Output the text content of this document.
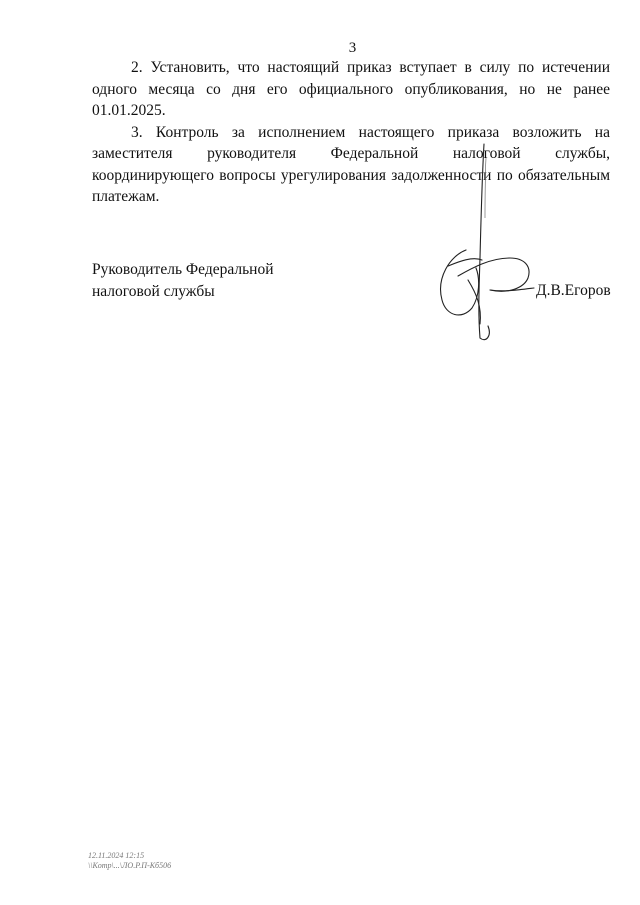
3

2. Установить, что настоящий приказ вступает в силу по истечении одного месяца со дня его официального опубликования, но не ранее 01.01.2025.

3. Контроль за исполнением настоящего приказа возложить на заместителя руководителя Федеральной налоговой службы, координирующего вопросы урегулирования задолженности по обязательным платежам.

Руководитель Федеральной
налоговой службы	Д.В.Егоров
12.11.2024 12:15
\\Komp\...\ЛО.Р.П-Кб506
